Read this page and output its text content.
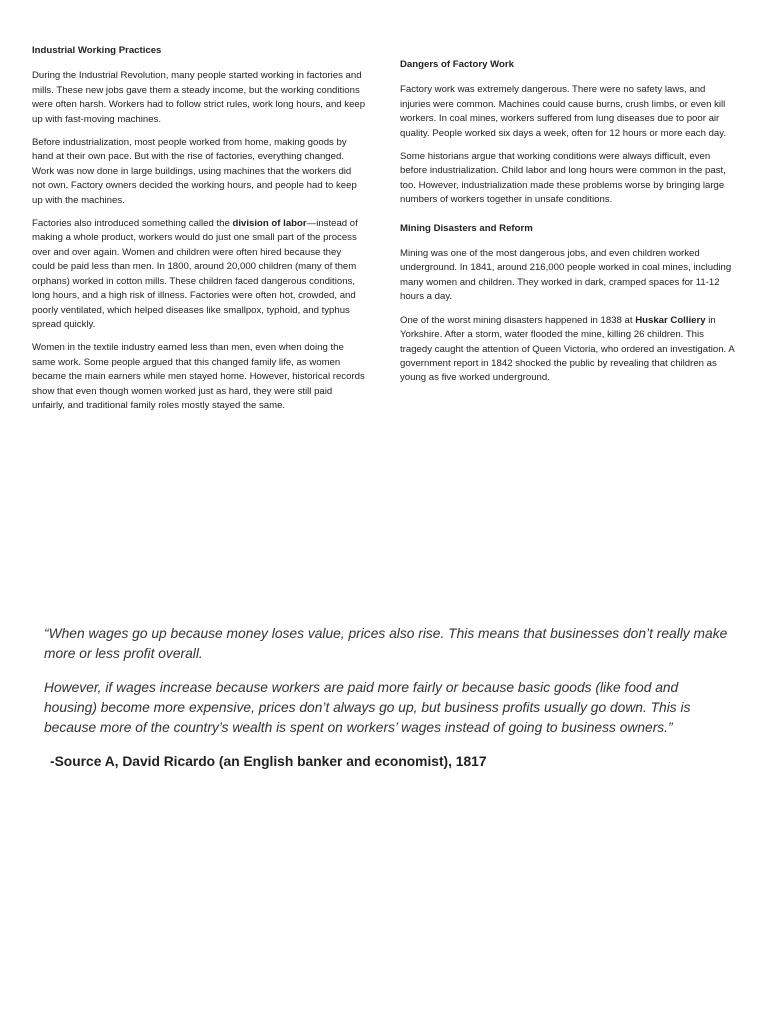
Industrial Working Practices

During the Industrial Revolution, many people started working in factories and mills. These new jobs gave them a steady income, but the working conditions were often harsh. Workers had to follow strict rules, work long hours, and keep up with fast-moving machines.

Before industrialization, most people worked from home, making goods by hand at their own pace. But with the rise of factories, everything changed. Work was now done in large buildings, using machines that the workers did not own. Factory owners decided the working hours, and people had to keep up with the machines.

Factories also introduced something called the division of labor—instead of making a whole product, workers would do just one small part of the process over and over again. Women and children were often hired because they could be paid less than men. In 1800, around 20,000 children (many of them orphans) worked in cotton mills. These children faced dangerous conditions, long hours, and a high risk of illness. Factories were often hot, crowded, and poorly ventilated, which helped diseases like smallpox, typhoid, and typhus spread quickly.

Women in the textile industry earned less than men, even when doing the same work. Some people argued that this changed family life, as women became the main earners while men stayed home. However, historical records show that even though women worked just as hard, they were still paid unfairly, and traditional family roles mostly stayed the same.

Dangers of Factory Work

Factory work was extremely dangerous. There were no safety laws, and injuries were common. Machines could cause burns, crush limbs, or even kill workers. In coal mines, workers suffered from lung diseases due to poor air quality. People worked six days a week, often for 12 hours or more each day.

Some historians argue that working conditions were always difficult, even before industrialization. Child labor and long hours were common in the past, too. However, industrialization made these problems worse by bringing large numbers of workers together in unsafe conditions.

Mining Disasters and Reform

Mining was one of the most dangerous jobs, and even children worked underground. In 1841, around 216,000 people worked in coal mines, including many women and children. They worked in dark, cramped spaces for 11-12 hours a day.

One of the worst mining disasters happened in 1838 at Huskar Colliery in Yorkshire. After a storm, water flooded the mine, killing 26 children. This tragedy caught the attention of Queen Victoria, who ordered an investigation. A government report in 1842 shocked the public by revealing that children as young as five worked underground.

“When wages go up because money loses value, prices also rise. This means that businesses don’t really make more or less profit overall.

However, if wages increase because workers are paid more fairly or because basic goods (like food and housing) become more expensive, prices don’t always go up, but business profits usually go down. This is because more of the country’s wealth is spent on workers’ wages instead of going to business owners.”

-Source A, David Ricardo (an English banker and economist), 1817
